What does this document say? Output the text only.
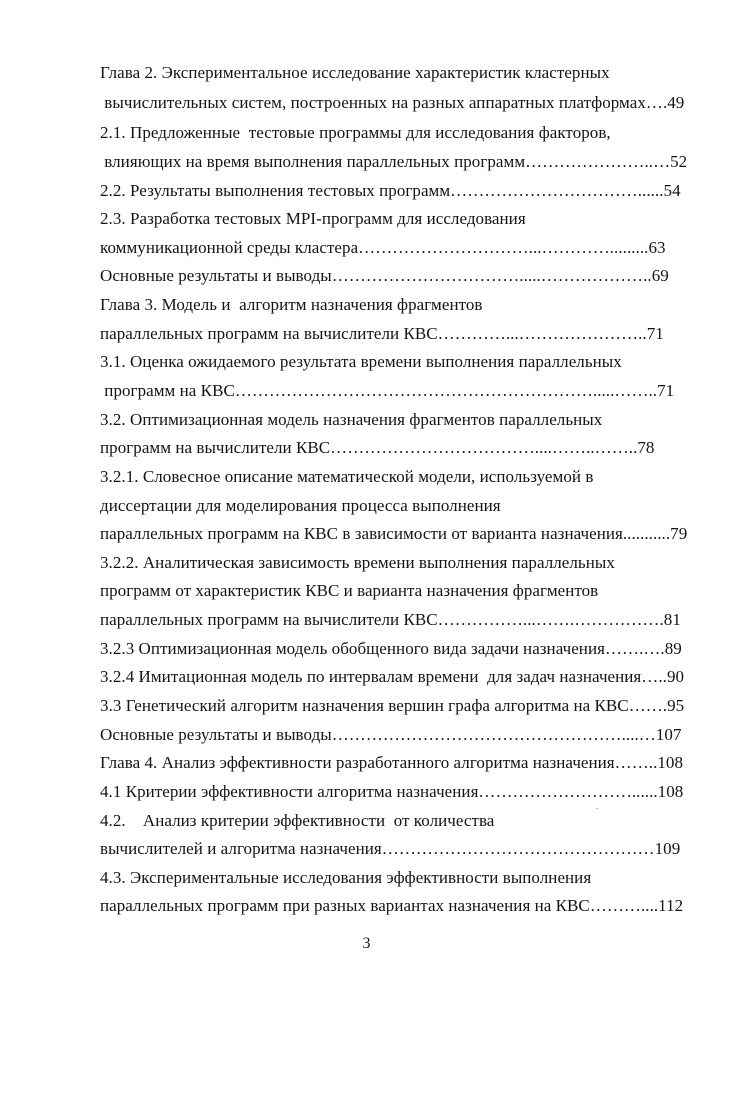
Глава 2. Экспериментальное исследование характеристик кластерных
вычислительных систем, построенных на разных аппаратных платформах….49
2.1. Предложенные  тестовые программы для исследования факторов,
влияющих на время выполнения параллельных программ…………………..…52
2.2. Результаты выполнения тестовых программ……………………………......54
2.3. Разработка тестовых MPI-программ для исследования
коммуникационной среды кластера…………………………...………….........63
Основные результаты и выводы…………………………….....………………..69
Глава 3. Модель и  алгоритм назначения фрагментов
параллельных программ на вычислители КВС…………...…………………..71
3.1. Оценка ожидаемого результата времени выполнения параллельных
программ на КВС……………………………………………………….....……..71
3.2. Оптимизационная модель назначения фрагментов параллельных
программ на вычислители КВС………………………………....……..……..78
3.2.1. Словесное описание математической модели, используемой в
диссертации для моделирования процесса выполнения
параллельных программ на КВС в зависимости от варианта назначения...........79
3.2.2. Аналитическая зависимость времени выполнения параллельных
программ от характеристик КВС и варианта назначения фрагментов
параллельных программ на вычислители КВС……………...…….…………….81
3.2.3 Оптимизационная модель обобщенного вида задачи назначения…….….89
3.2.4 Имитационная модель по интервалам времени  для задач назначения…..90
3.3 Генетический алгоритм назначения вершин графа алгоритма на КВС…….95
Основные результаты и выводы……………………………………………....…107
Глава 4. Анализ эффективности разработанного алгоритма назначения……..108
4.1 Критерии эффективности алгоритма назначения………………………......108
4.2.    Анализ критерии эффективности  от количества
вычислителей и алгоритма назначения…………………………………………109
4.3. Экспериментальные исследования эффективности выполнения
параллельных программ при разных вариантах назначения на КВС………....112
3
